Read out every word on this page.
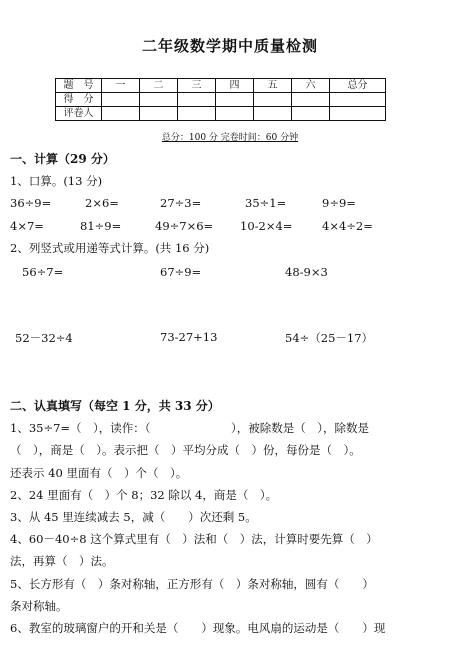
二年级数学期中质量检测
题　号	一	二	三	四	五	六	总分
得　分							
评卷人							
总分：100 分 完卷时间：60 分钟
一、计算（29 分）
1、口算。(13 分)
36÷9=	2×6=	27÷3=	35÷1=	9÷9=
4×7=	81÷9=	49÷7×6= 10-2×4=	4×4÷2=
2、列竖式或用递等式计算。(共 16 分)
56÷7=	67÷9=	48-9×3
52－32÷4	73-27+13	54÷（25－17）
二、认真填写（每空 1 分，共 33 分）
1、35÷7=（　），读作：（　　　　　　　），被除数是（　），除数是
（　），商是（　）。表示把（　）平均分成（　）份，每份是（　）。
还表示 40 里面有（　）个（　）。
2、24 里面有（　）个 8；32 除以 4，商是（　）。
3、从 45 里连续减去 5，减（　　）次还剩 5。
4、60－40÷8 这个算式里有（　）法和（　）法，计算时要先算（　）
法，再算（　）法。
5、长方形有（　）条对称轴，正方形有（　）条对称轴，圆有（　　）
条对称轴。
6、教室的玻璃窗户的开和关是（　　）现象。电风扇的运动是（　　）现
